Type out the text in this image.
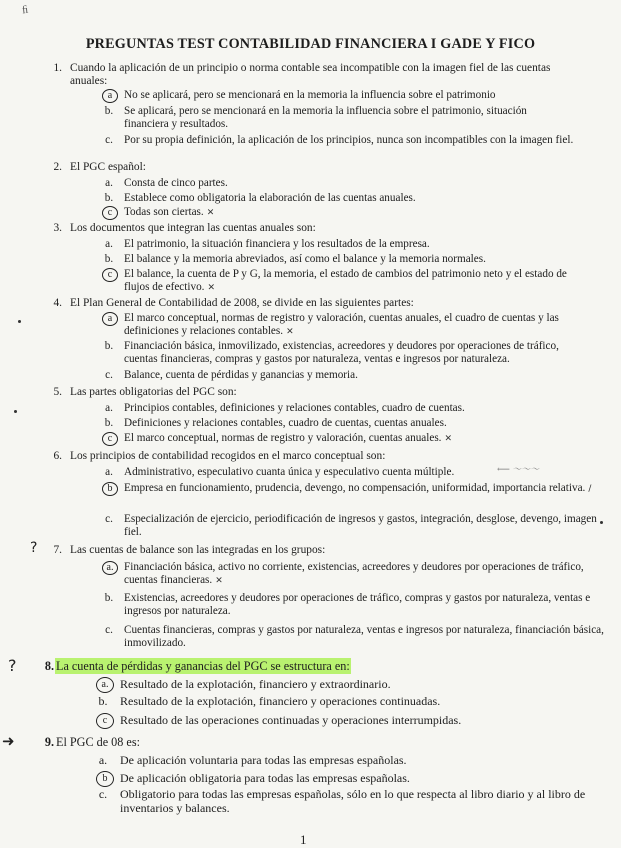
ﬁ
PREGUNTAS TEST CONTABILIDAD FINANCIERA I GADE Y FICO
1. Cuando la aplicación de un principio o norma contable sea incompatible con la imagen fiel de las cuentas anuales:
a	No se aplicará, pero se mencionará en la memoria la influencia sobre el patrimonio
b. Se aplicará, pero se mencionará en la memoria la influencia sobre el patrimonio, situación financiera y resultados.
c. Por su propia definición, la aplicación de los principios, nunca son incompatibles con la imagen fiel.
2. El PGC español:
a. Consta de cinco partes.
b. Establece como obligatoria la elaboración de las cuentas anuales.
c	Todas son ciertas. ✕
3. Los documentos que integran las cuentas anuales son:
a. El patrimonio, la situación financiera y los resultados de la empresa.
b. El balance y la memoria abreviados, así como el balance y la memoria normales.
c	El balance, la cuenta de P y G, la memoria, el estado de cambios del patrimonio neto y el estado de flujos de efectivo. ✕
4. El Plan General de Contabilidad de 2008, se divide en las siguientes partes:
a	El marco conceptual, normas de registro y valoración, cuentas anuales, el cuadro de cuentas y las definiciones y relaciones contables. ✕
b. Financiación básica, inmovilizado, existencias, acreedores y deudores por operaciones de tráfico, cuentas financieras, compras y gastos por naturaleza, ventas e ingresos por naturaleza.
c. Balance, cuenta de pérdidas y ganancias y memoria.
5. Las partes obligatorias del PGC son:
a. Principios contables, definiciones y relaciones contables, cuadro de cuentas.
b. Definiciones y relaciones contables, cuadro de cuentas, cuentas anuales.
c	El marco conceptual, normas de registro y valoración, cuentas anuales. ✕
6. Los principios de contabilidad recogidos en el marco conceptual son:
a. Administrativo, especulativo cuanta única y especulativo cuenta múltiple.	⟵ ～～～
b	Empresa en funcionamiento, prudencia, devengo, no compensación, uniformidad, importancia relativa. /
c. Especialización de ejercicio, periodificación de ingresos y gastos, integración, desglose, devengo, imagen fiel.
?	7. Las cuentas de balance son las integradas en los grupos:
a. Financiación básica, activo no corriente, existencias, acreedores y deudores por operaciones de tráfico, cuentas financieras. ✕
b. Existencias, acreedores y deudores por operaciones de tráfico, compras y gastos por naturaleza, ventas e ingresos por naturaleza.
c. Cuentas financieras, compras y gastos por naturaleza, ventas e ingresos por naturaleza, financiación básica, inmovilizado.
?	8. La cuenta de pérdidas y ganancias del PGC se estructura en:
a. Resultado de la explotación, financiero y extraordinario.
b. Resultado de la explotación, financiero y operaciones continuadas.
c	Resultado de las operaciones continuadas y operaciones interrumpidas.
➜	9. El PGC de 08 es:
a. De aplicación voluntaria para todas las empresas españolas.
b	De aplicación obligatoria para todas las empresas españolas.
c. Obligatorio para todas las empresas españolas, sólo en lo que respecta al libro diario y al libro de inventarios y balances.
1
